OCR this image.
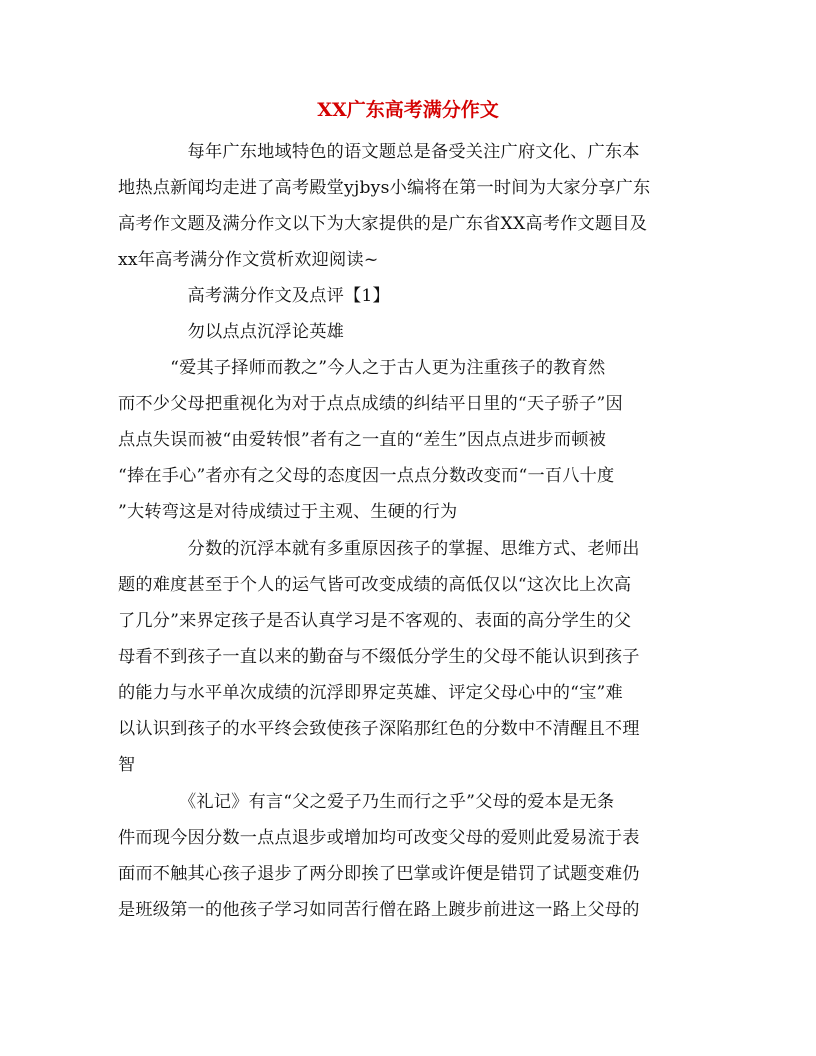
XX广东高考满分作文
　　　　每年广东地域特色的语文题总是备受关注广府文化、广东本
地热点新闻均走进了高考殿堂yjbys小编将在第一时间为大家分享广东
高考作文题及满分作文以下为大家提供的是广东省XX高考作文题目及
xx年高考满分作文赏析欢迎阅读~
　　　　高考满分作文及点评【1】
　　　　勿以点点沉浮论英雄
　　　“爱其子择师而教之”今人之于古人更为注重孩子的教育然
而不少父母把重视化为对于点点成绩的纠结平日里的“天子骄子”因
点点失误而被“由爱转恨”者有之一直的“差生”因点点进步而顿被
“捧在手心”者亦有之父母的态度因一点点分数改变而“一百八十度
”大转弯这是对待成绩过于主观、生硬的行为
　　　　分数的沉浮本就有多重原因孩子的掌握、思维方式、老师出
题的难度甚至于个人的运气皆可改变成绩的高低仅以“这次比上次高
了几分”来界定孩子是否认真学习是不客观的、表面的高分学生的父
母看不到孩子一直以来的勤奋与不缀低分学生的父母不能认识到孩子
的能力与水平单次成绩的沉浮即界定英雄、评定父母心中的“宝”难
以认识到孩子的水平终会致使孩子深陷那红色的分数中不清醒且不理
智
　　　　《礼记》有言“父之爱子乃生而行之乎”父母的爱本是无条
件而现今因分数一点点退步或增加均可改变父母的爱则此爱易流于表
面而不触其心孩子退步了两分即挨了巴掌或许便是错罚了试题变难仍
是班级第一的他孩子学习如同苦行僧在路上踱步前进这一路上父母的
